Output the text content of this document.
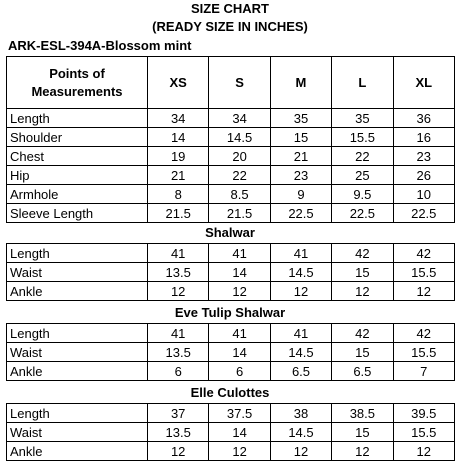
SIZE CHART
(READY SIZE IN INCHES)
ARK-ESL-394A-Blossom mint
Points of Measurements	XS	S	M	L	XL
Length	34	34	35	35	36
Shoulder	14	14.5	15	15.5	16
Chest	19	20	21	22	23
Hip	21	22	23	25	26
Armhole	8	8.5	9	9.5	10
Sleeve Length	21.5	21.5	22.5	22.5	22.5
Shalwar
Length	41	41	41	42	42
Waist	13.5	14	14.5	15	15.5
Ankle	12	12	12	12	12
Eve Tulip Shalwar
Length	41	41	41	42	42
Waist	13.5	14	14.5	15	15.5
Ankle	6	6	6.5	6.5	7
Elle Culottes
Length	37	37.5	38	38.5	39.5
Waist	13.5	14	14.5	15	15.5
Ankle	12	12	12	12	12
